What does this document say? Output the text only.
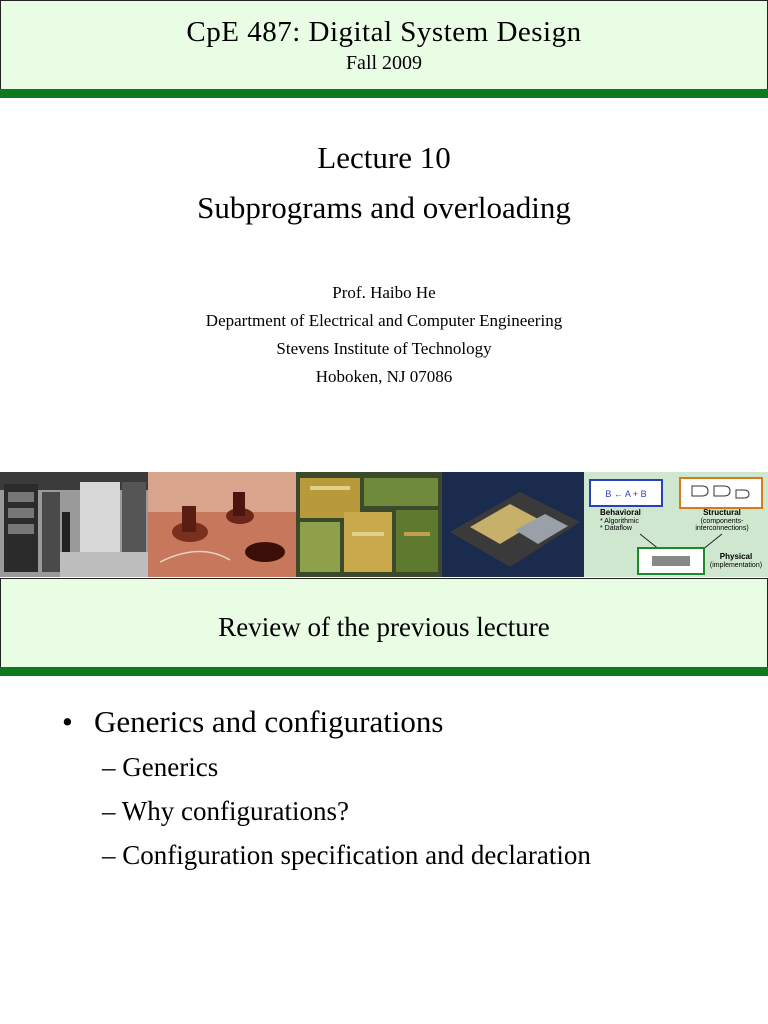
CpE 487: Digital System Design
Fall 2009
Lecture 10
Subprograms and overloading
Prof. Haibo He
Department of Electrical and Computer Engineering
Stevens Institute of Technology
Hoboken, NJ 07086
B ← A + B
Behavioral
* Algorithmic
* Dataflow
Structural
(components-
interconnections)
Physical
(implementation)
Review of the previous lecture
• Generics and configurations
– Generics
– Why configurations?
– Configuration specification and declaration
